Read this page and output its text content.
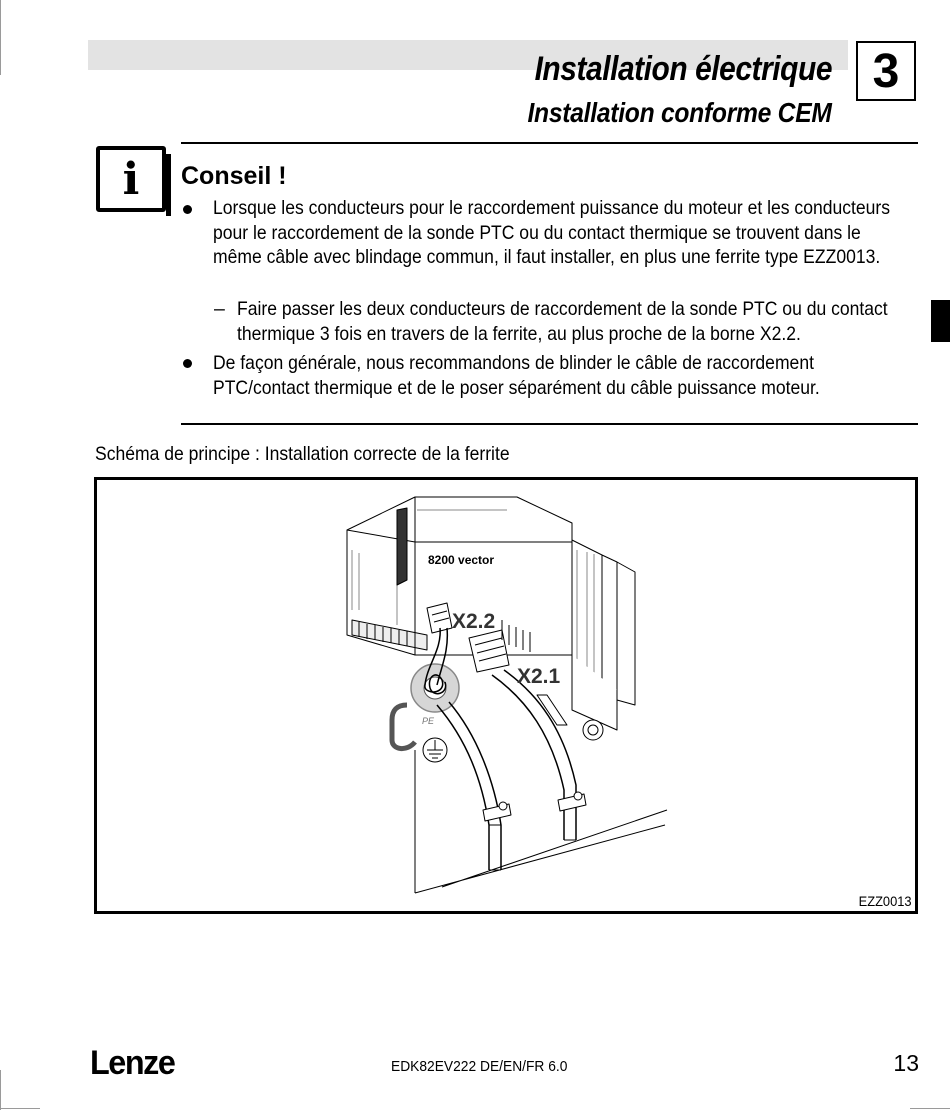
Installation électrique
Installation conforme CEM
3
i	Conseil !

Lorsque les conducteurs pour le raccordement puissance du moteur et les conducteurs pour le raccordement de la sonde PTC ou du contact thermique se trouvent dans le même câble avec blindage commun, il faut installer, en plus une ferrite type EZZ0013.

– Faire passer les deux conducteurs de raccordement de la sonde PTC ou du contact thermique 3 fois en travers de la ferrite, au plus proche de la borne X2.2.

De façon générale, nous recommandons de blinder le câble de raccordement PTC/contact thermique et de le poser séparément du câble puissance moteur.

Schéma de principe : Installation correcte de la ferrite

8200 vector
X2.2
X2.1
PE
EZZ0013
Lenze	EDK82EV222 DE/EN/FR 6.0	13
